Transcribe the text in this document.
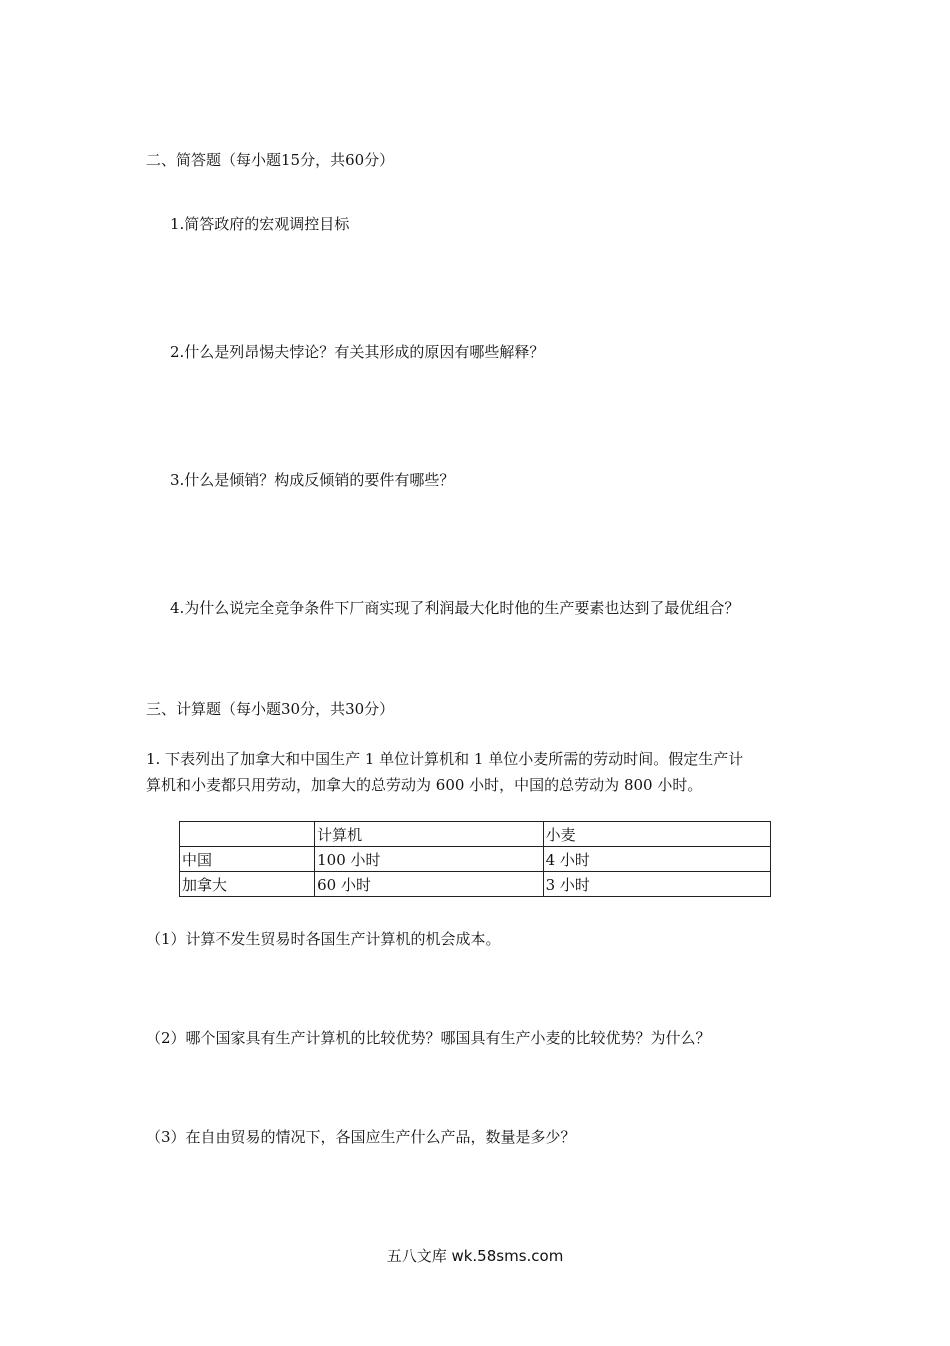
二、简答题（每小题15分，共60分）
1.简答政府的宏观调控目标
2.什么是列昂惕夫悖论？有关其形成的原因有哪些解释？
3.什么是倾销？构成反倾销的要件有哪些？
4.为什么说完全竞争条件下厂商实现了利润最大化时他的生产要素也达到了最优组合？
三、计算题（每小题30分，共30分）
1. 下表列出了加拿大和中国生产 1 单位计算机和 1 单位小麦所需的劳动时间。假定生产计
算机和小麦都只用劳动，加拿大的总劳动为 600 小时，中国的总劳动为 800 小时。
	计算机	小麦
中国	100 小时	4 小时
加拿大	60 小时	3 小时
（1）计算不发生贸易时各国生产计算机的机会成本。
（2）哪个国家具有生产计算机的比较优势？哪国具有生产小麦的比较优势？为什么？
（3）在自由贸易的情况下，各国应生产什么产品，数量是多少？
五八文库 wk.58sms.com
